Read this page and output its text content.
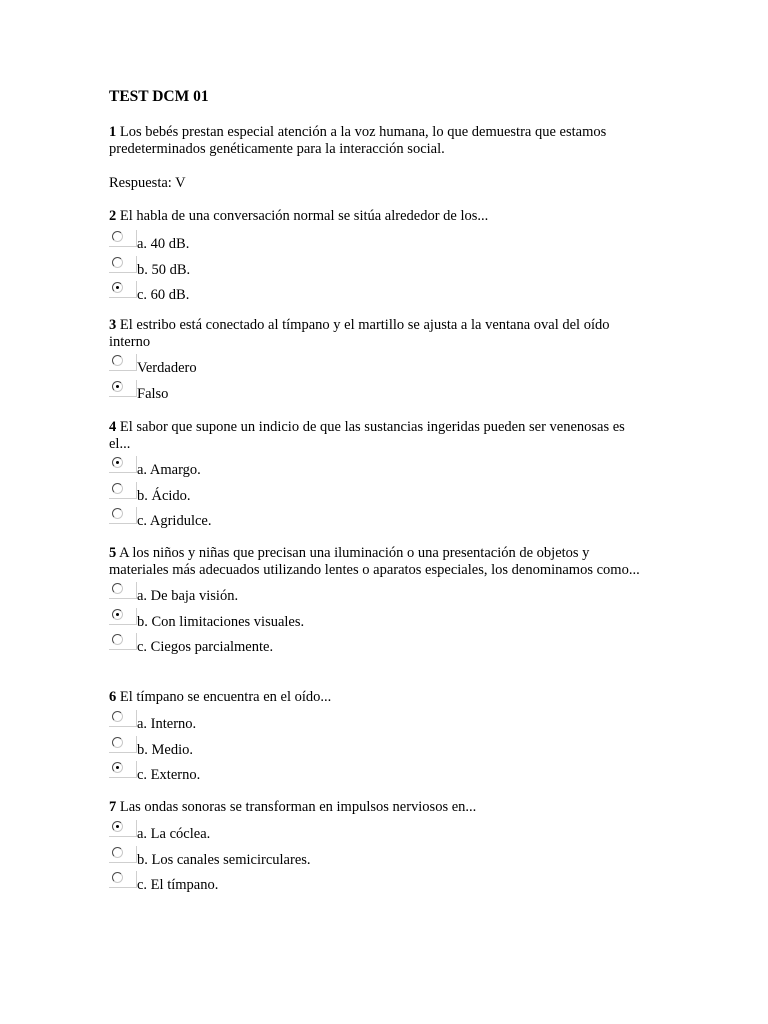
TEST DCM 01

1 Los bebés prestan especial atención a la voz humana, lo que demuestra que estamos predeterminados genéticamente para la interacción social.

Respuesta: V

2 El habla de una conversación normal se sitúa alrededor de los...

a. 40 dB.
b. 50 dB.
c. 60 dB.

3 El estribo está conectado al tímpano y el martillo se ajusta a la ventana oval del oído interno

Verdadero
Falso

4 El sabor que supone un indicio de que las sustancias ingeridas pueden ser venenosas es el...

a. Amargo.
b. Ácido.
c. Agridulce.

5 A los niños y niñas que precisan una iluminación o una presentación de objetos y materiales más adecuados utilizando lentes o aparatos especiales, los denominamos como...

a. De baja visión.
b. Con limitaciones visuales.
c. Ciegos parcialmente.

6 El tímpano se encuentra en el oído...

a. Interno.
b. Medio.
c. Externo.

7 Las ondas sonoras se transforman en impulsos nerviosos en...

a. La cóclea.
b. Los canales semicirculares.
c. El tímpano.
